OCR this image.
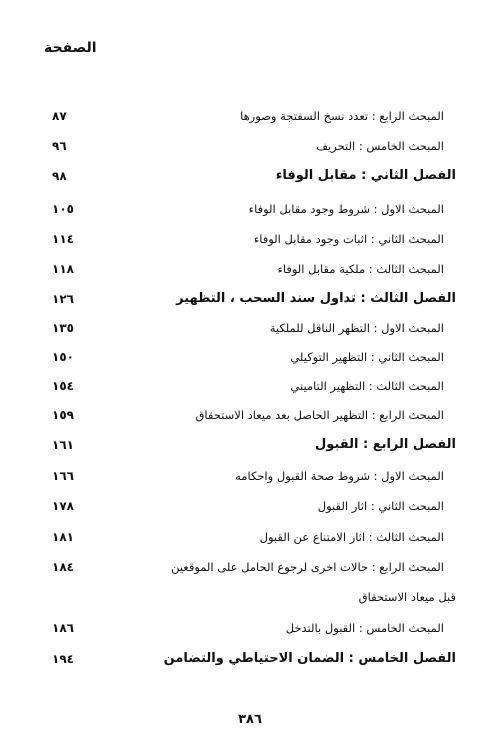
الصفحة
المبحث الرابع : تعدد نسخ السفتجة وصورها
٨٧
المبحث الخامس : التحريف
٩٦
الفصل الثاني : مقابل الوفاء
٩٨
المبحث الاول : شروط وجود مقابل الوفاء
١٠٥
المبحث الثاني : اثبات وجود مقابل الوفاء
١١٤
المبحث الثالث : ملكية مقابل الوفاء
١١٨
الفصل الثالث : تداول سند السحب ، التظهير
١٢٦
المبحث الاول : التظهر الناقل للملكية
١٣٥
المبحث الثاني : التظهير التوكيلي
١٥٠
المبحث الثالث : التظهير التاميني
١٥٤
المبحث الرابع : التظهير الحاصل بعد ميعاد الاستحقاق
١٥٩
الفصل الرابع : القبول
١٦١
المبحث الاول : شروط صحة القبول واحكامه
١٦٦
المبحث الثاني : اثار القبول
١٧٨
المبحث الثالث : اثار الامتناع عن القبول
١٨١
المبحث الرابع : حالات اخرى لرجوع الحامل على الموقعين
١٨٤
قبل ميعاد الاستحقاق
المبحث الخامس : القبول بالتدخل
١٨٦
الفصل الخامس : الضمان الاحتياطي والتضامن
١٩٤
٣٨٦
